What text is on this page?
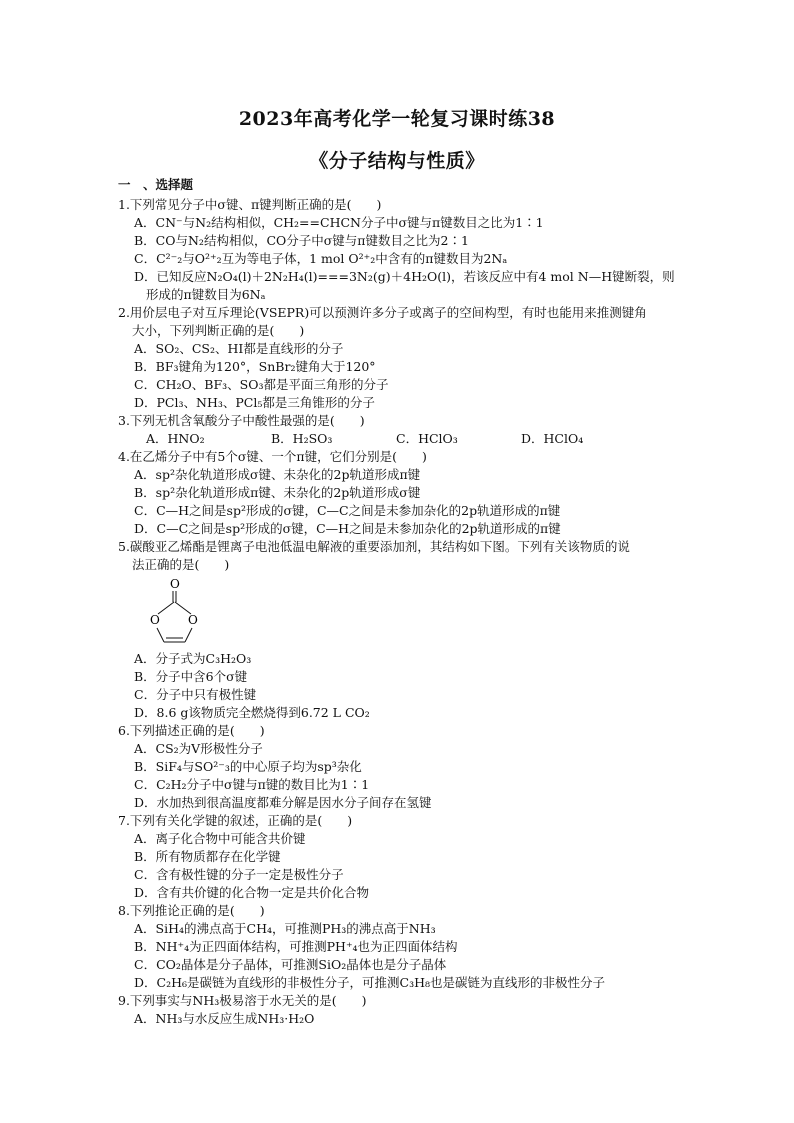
2023年高考化学一轮复习课时练38
《分子结构与性质》
一　、选择题
1.下列常见分子中σ键、π键判断正确的是(　　)
A．CN⁻与N₂结构相似，CH₂==CHCN分子中σ键与π键数目之比为1∶1
B．CO与N₂结构相似，CO分子中σ键与π键数目之比为2∶1
C．C²⁻₂与O²⁺₂互为等电子体，1 mol O²⁺₂中含有的π键数目为2Nₐ
D．已知反应N₂O₄(l)＋2N₂H₄(l)===3N₂(g)＋4H₂O(l)，若该反应中有4 mol N—H键断裂，则
形成的π键数目为6Nₐ
2.用价层电子对互斥理论(VSEPR)可以预测许多分子或离子的空间构型，有时也能用来推测键角
大小，下列判断正确的是(　　)
A．SO₂、CS₂、HI都是直线形的分子
B．BF₃键角为120°，SnBr₂键角大于120°
C．CH₂O、BF₃、SO₃都是平面三角形的分子
D．PCl₃、NH₃、PCl₅都是三角锥形的分子
3.下列无机含氧酸分子中酸性最强的是(　　)
A．HNO₂	B．H₂SO₃	C．HClO₃	D．HClO₄
4.在乙烯分子中有5个σ键、一个π键，它们分别是(　　)
A．sp²杂化轨道形成σ键、未杂化的2p轨道形成π键
B．sp²杂化轨道形成π键、未杂化的2p轨道形成σ键
C．C—H之间是sp²形成的σ键，C—C之间是未参加杂化的2p轨道形成的π键
D．C—C之间是sp²形成的σ键，C—H之间是未参加杂化的2p轨道形成的π键
5.碳酸亚乙烯酯是锂离子电池低温电解液的重要添加剂，其结构如下图。下列有关该物质的说
法正确的是(　　)
O
O O
A．分子式为C₃H₂O₃
B．分子中含6个σ键
C．分子中只有极性键
D．8.6 g该物质完全燃烧得到6.72 L CO₂
6.下列描述正确的是(　　)
A．CS₂为V形极性分子
B．SiF₄与SO²⁻₃的中心原子均为sp³杂化
C．C₂H₂分子中σ键与π键的数目比为1∶1
D．水加热到很高温度都难分解是因水分子间存在氢键
7.下列有关化学键的叙述，正确的是(　　)
A．离子化合物中可能含共价键
B．所有物质都存在化学键
C．含有极性键的分子一定是极性分子
D．含有共价键的化合物一定是共价化合物
8.下列推论正确的是(　　)
A．SiH₄的沸点高于CH₄，可推测PH₃的沸点高于NH₃
B．NH⁺₄为正四面体结构，可推测PH⁺₄也为正四面体结构
C．CO₂晶体是分子晶体，可推测SiO₂晶体也是分子晶体
D．C₂H₆是碳链为直线形的非极性分子，可推测C₃H₈也是碳链为直线形的非极性分子
9.下列事实与NH₃极易溶于水无关的是(　　)
A．NH₃与水反应生成NH₃·H₂O
